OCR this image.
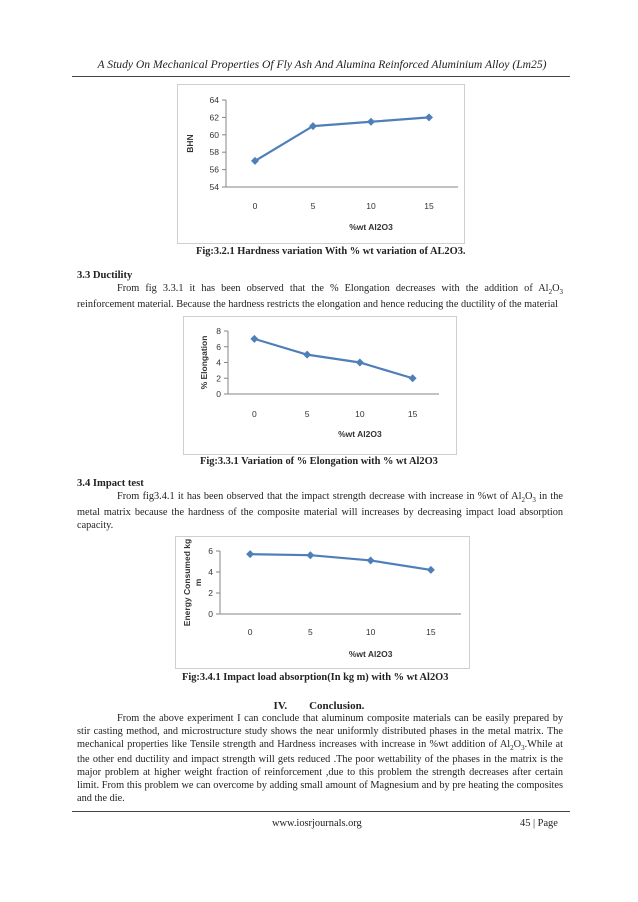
A Study On Mechanical Properties Of Fly Ash And Alumina Reinforced Aluminium Alloy (Lm25)
54
56
58
60
62
64
0	5	10	15
%wt Al2O3
BHN
Fig:3.2.1 Hardness variation With % wt variation of AL2O3.
3.3 Ductility
From fig 3.3.1 it has been observed that the % Elongation decreases with the addition of $Al_2O_3$ reinforcement material. Because the hardness restricts the elongation and hence reducing the ductility of the material
0
2
4
6
8
0	5	10	15
%wt Al2O3
% Elongation
Fig:3.3.1 Variation of % Elongation with % wt Al2O3
3.4 Impact test
From fig3.4.1 it has been observed that the impact strength decrease with increase in %wt of $Al_2O_3$ in the metal matrix because the hardness of the composite material will increases by decreasing impact load absorption capacity.
0
2
4
6
0	5	10	15
%wt Al2O3
Energy Consumed kgm
Fig:3.4.1 Impact load absorption(In kg m) with % wt Al2O3
IV. Conclusion.
From the above experiment I can conclude that aluminum composite materials can be easily prepared by stir casting method, and microstructure study shows the near uniformly distributed phases in the metal matrix. The mechanical properties like Tensile strength and Hardness increases with increase in %wt addition of $Al_2O_3.While$ at the other end ductility and impact strength will gets reduced .The poor wettability of the phases in the matrix is the major problem at higher weight fraction of reinforcement ,due to this problem the strength decreases after certain limit. From this problem we can overcome by adding small amount of Magnesium and by pre heating the composites and the die.
www.iosrjournals.org	45 | Page
